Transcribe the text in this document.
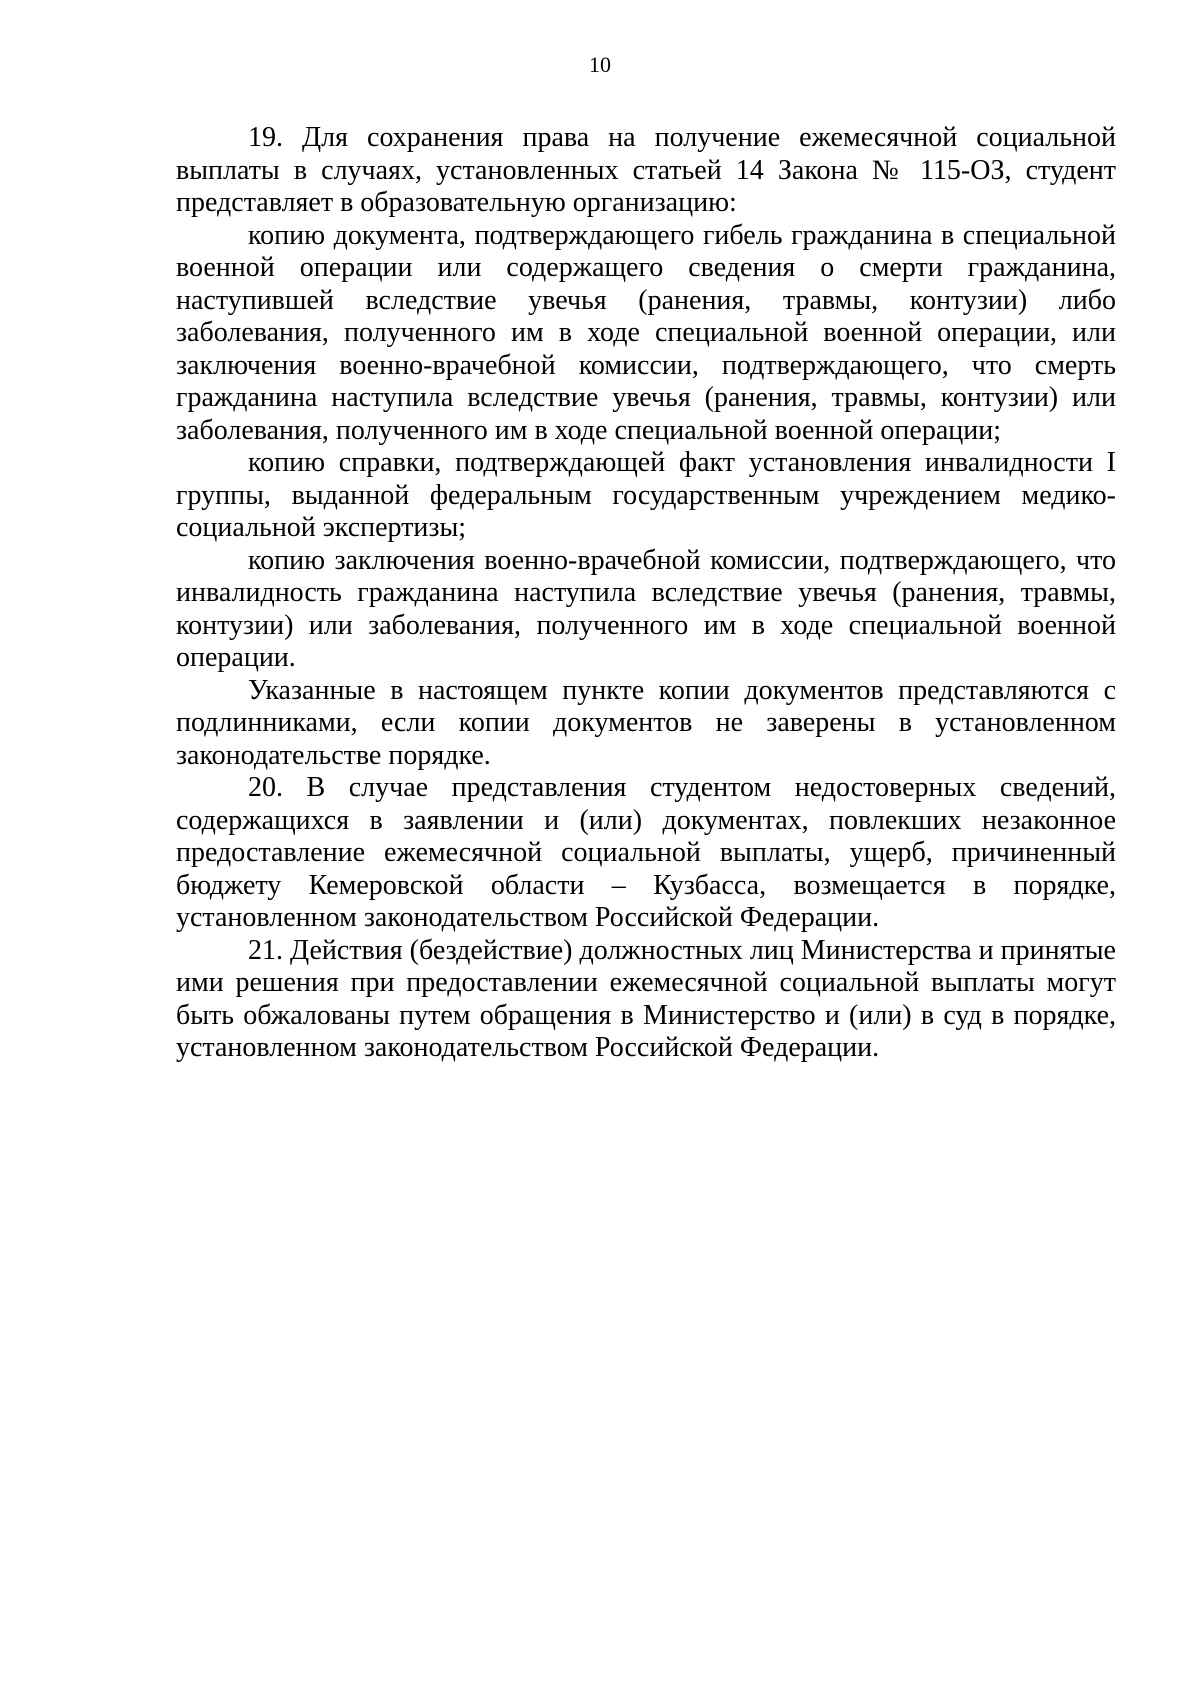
10

19. Для сохранения права на получение ежемесячной социальной выплаты в случаях, установленных статьей 14 Закона № 115-ОЗ, студент представляет в образовательную организацию:

копию документа, подтверждающего гибель гражданина в специальной военной операции или содержащего сведения о смерти гражданина, наступившей вследствие увечья (ранения, травмы, контузии) либо заболевания, полученного им в ходе специальной военной операции, или заключения военно-врачебной комиссии, подтверждающего, что смерть гражданина наступила вследствие увечья (ранения, травмы, контузии) или заболевания, полученного им в ходе специальной военной операции;

копию справки, подтверждающей факт установления инвалидности I группы, выданной федеральным государственным учреждением медико-социальной экспертизы;

копию заключения военно-врачебной комиссии, подтверждающего, что инвалидность гражданина наступила вследствие увечья (ранения, травмы, контузии) или заболевания, полученного им в ходе специальной военной операции.

Указанные в настоящем пункте копии документов представляются с подлинниками, если копии документов не заверены в установленном законодательстве порядке.

20. В случае представления студентом недостоверных сведений, содержащихся в заявлении и (или) документах, повлекших незаконное предоставление ежемесячной социальной выплаты, ущерб, причиненный бюджету Кемеровской области – Кузбасса, возмещается в порядке, установленном законодательством Российской Федерации.

21. Действия (бездействие) должностных лиц Министерства и принятые ими решения при предоставлении ежемесячной социальной выплаты могут быть обжалованы путем обращения в Министерство и (или) в суд в порядке, установленном законодательством Российской Федерации.
